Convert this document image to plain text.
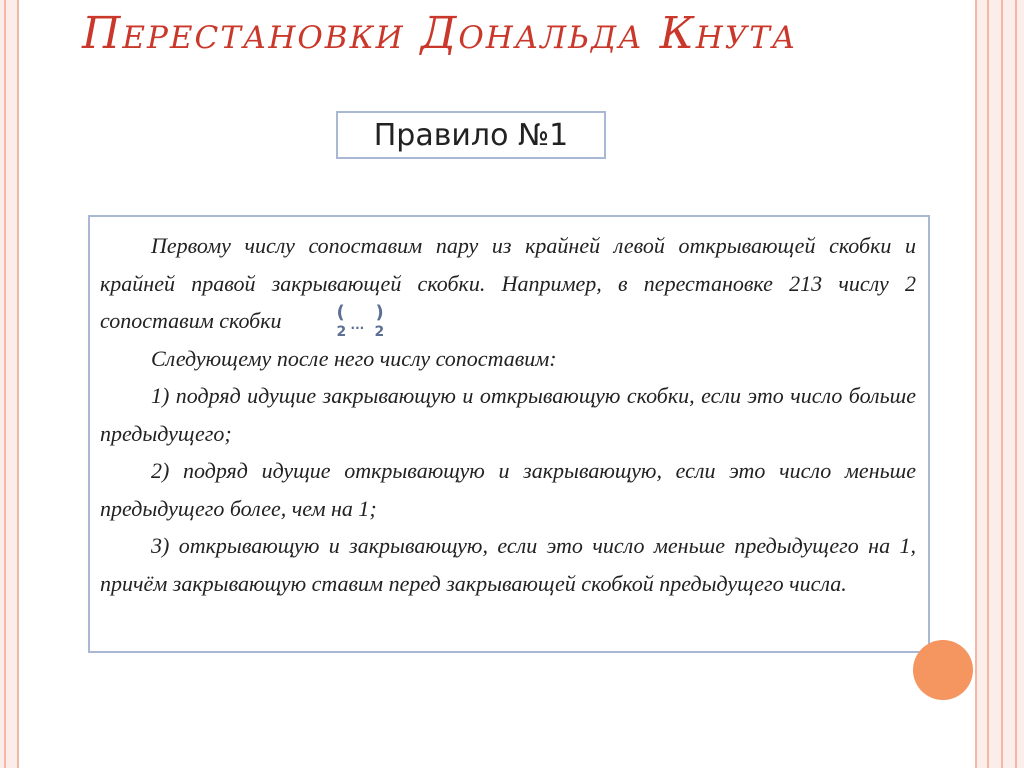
Перестановки Дональда Кнута
Правило №1

Первому числу сопоставим пару из крайней левой открывающей скобки и крайней правой закрывающей скобки. Например, в перестановке 213 числу 2 сопоставим скобки	(
...
)
2	2

Следующему после него числу сопоставим:

1) подряд идущие закрывающую и открывающую скобки, если это число больше предыдущего;

2) подряд идущие открывающую и закрывающую, если это число меньше предыдущего более, чем на 1;

3) открывающую и закрывающую, если это число меньше предыдущего на 1, причём закрывающую ставим перед закрывающей скобкой предыдущего числа.
